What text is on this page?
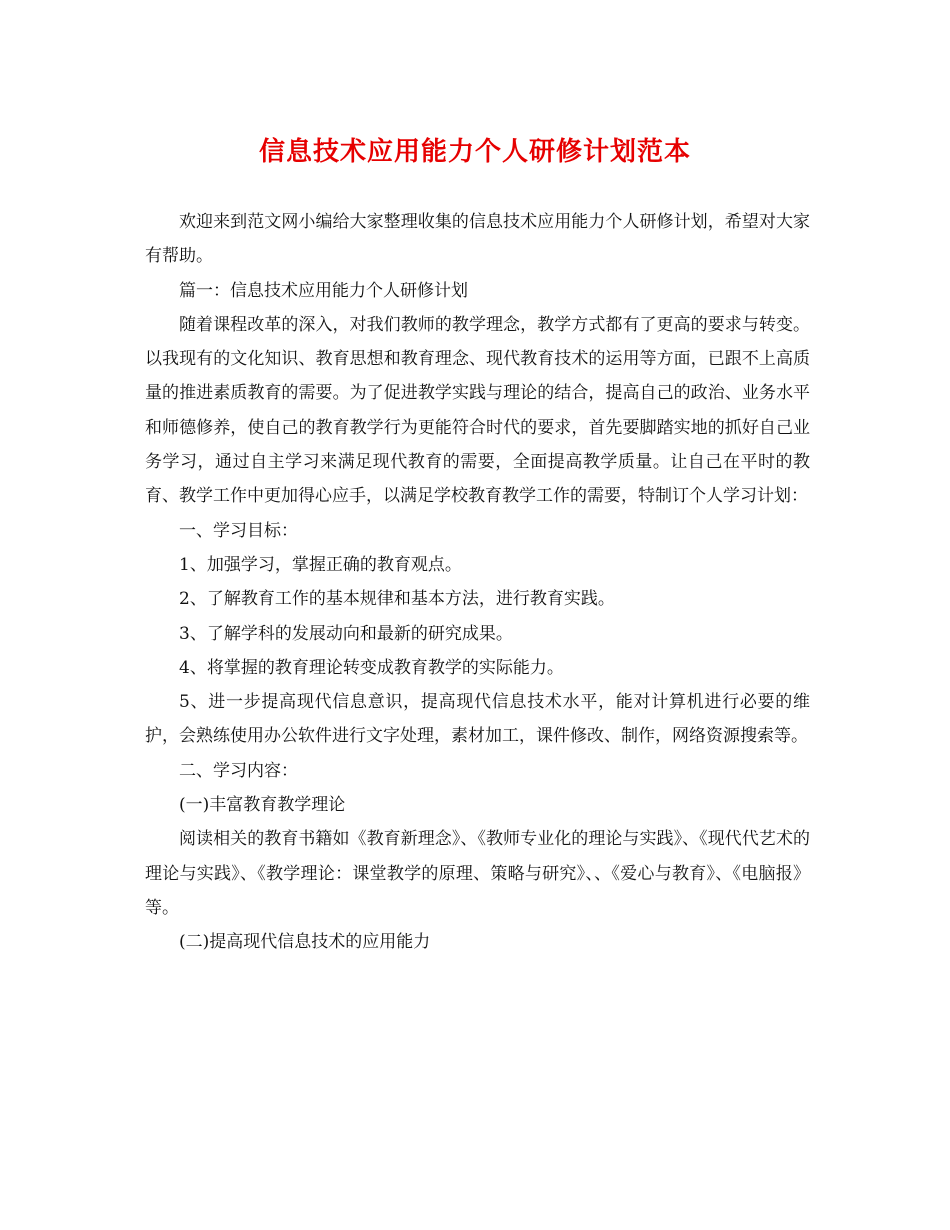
信息技术应用能力个人研修计划范本

欢迎来到范文网小编给大家整理收集的信息技术应用能力个人研修计划，希望对大家有帮助。

篇一：信息技术应用能力个人研修计划

随着课程改革的深入，对我们教师的教学理念，教学方式都有了更高的要求与转变。以我现有的文化知识、教育思想和教育理念、现代教育技术的运用等方面，已跟不上高质量的推进素质教育的需要。为了促进教学实践与理论的结合，提高自己的政治、业务水平和师德修养，使自己的教育教学行为更能符合时代的要求，首先要脚踏实地的抓好自己业务学习，通过自主学习来满足现代教育的需要，全面提高教学质量。让自己在平时的教育、教学工作中更加得心应手，以满足学校教育教学工作的需要，特制订个人学习计划：

一、学习目标：

1、加强学习，掌握正确的教育观点。

2、了解教育工作的基本规律和基本方法，进行教育实践。

3、了解学科的发展动向和最新的研究成果。

4、将掌握的教育理论转变成教育教学的实际能力。

5、进一步提高现代信息意识，提高现代信息技术水平，能对计算机进行必要的维护，会熟练使用办公软件进行文字处理，素材加工，课件修改、制作，网络资源搜索等。

二、学习内容：

(一)丰富教育教学理论

阅读相关的教育书籍如《教育新理念》、《教师专业化的理论与实践》、《现代代艺术的理论与实践》、《教学理论：课堂教学的原理、策略与研究》、、《爱心与教育》、《电脑报》等。

(二)提高现代信息技术的应用能力
